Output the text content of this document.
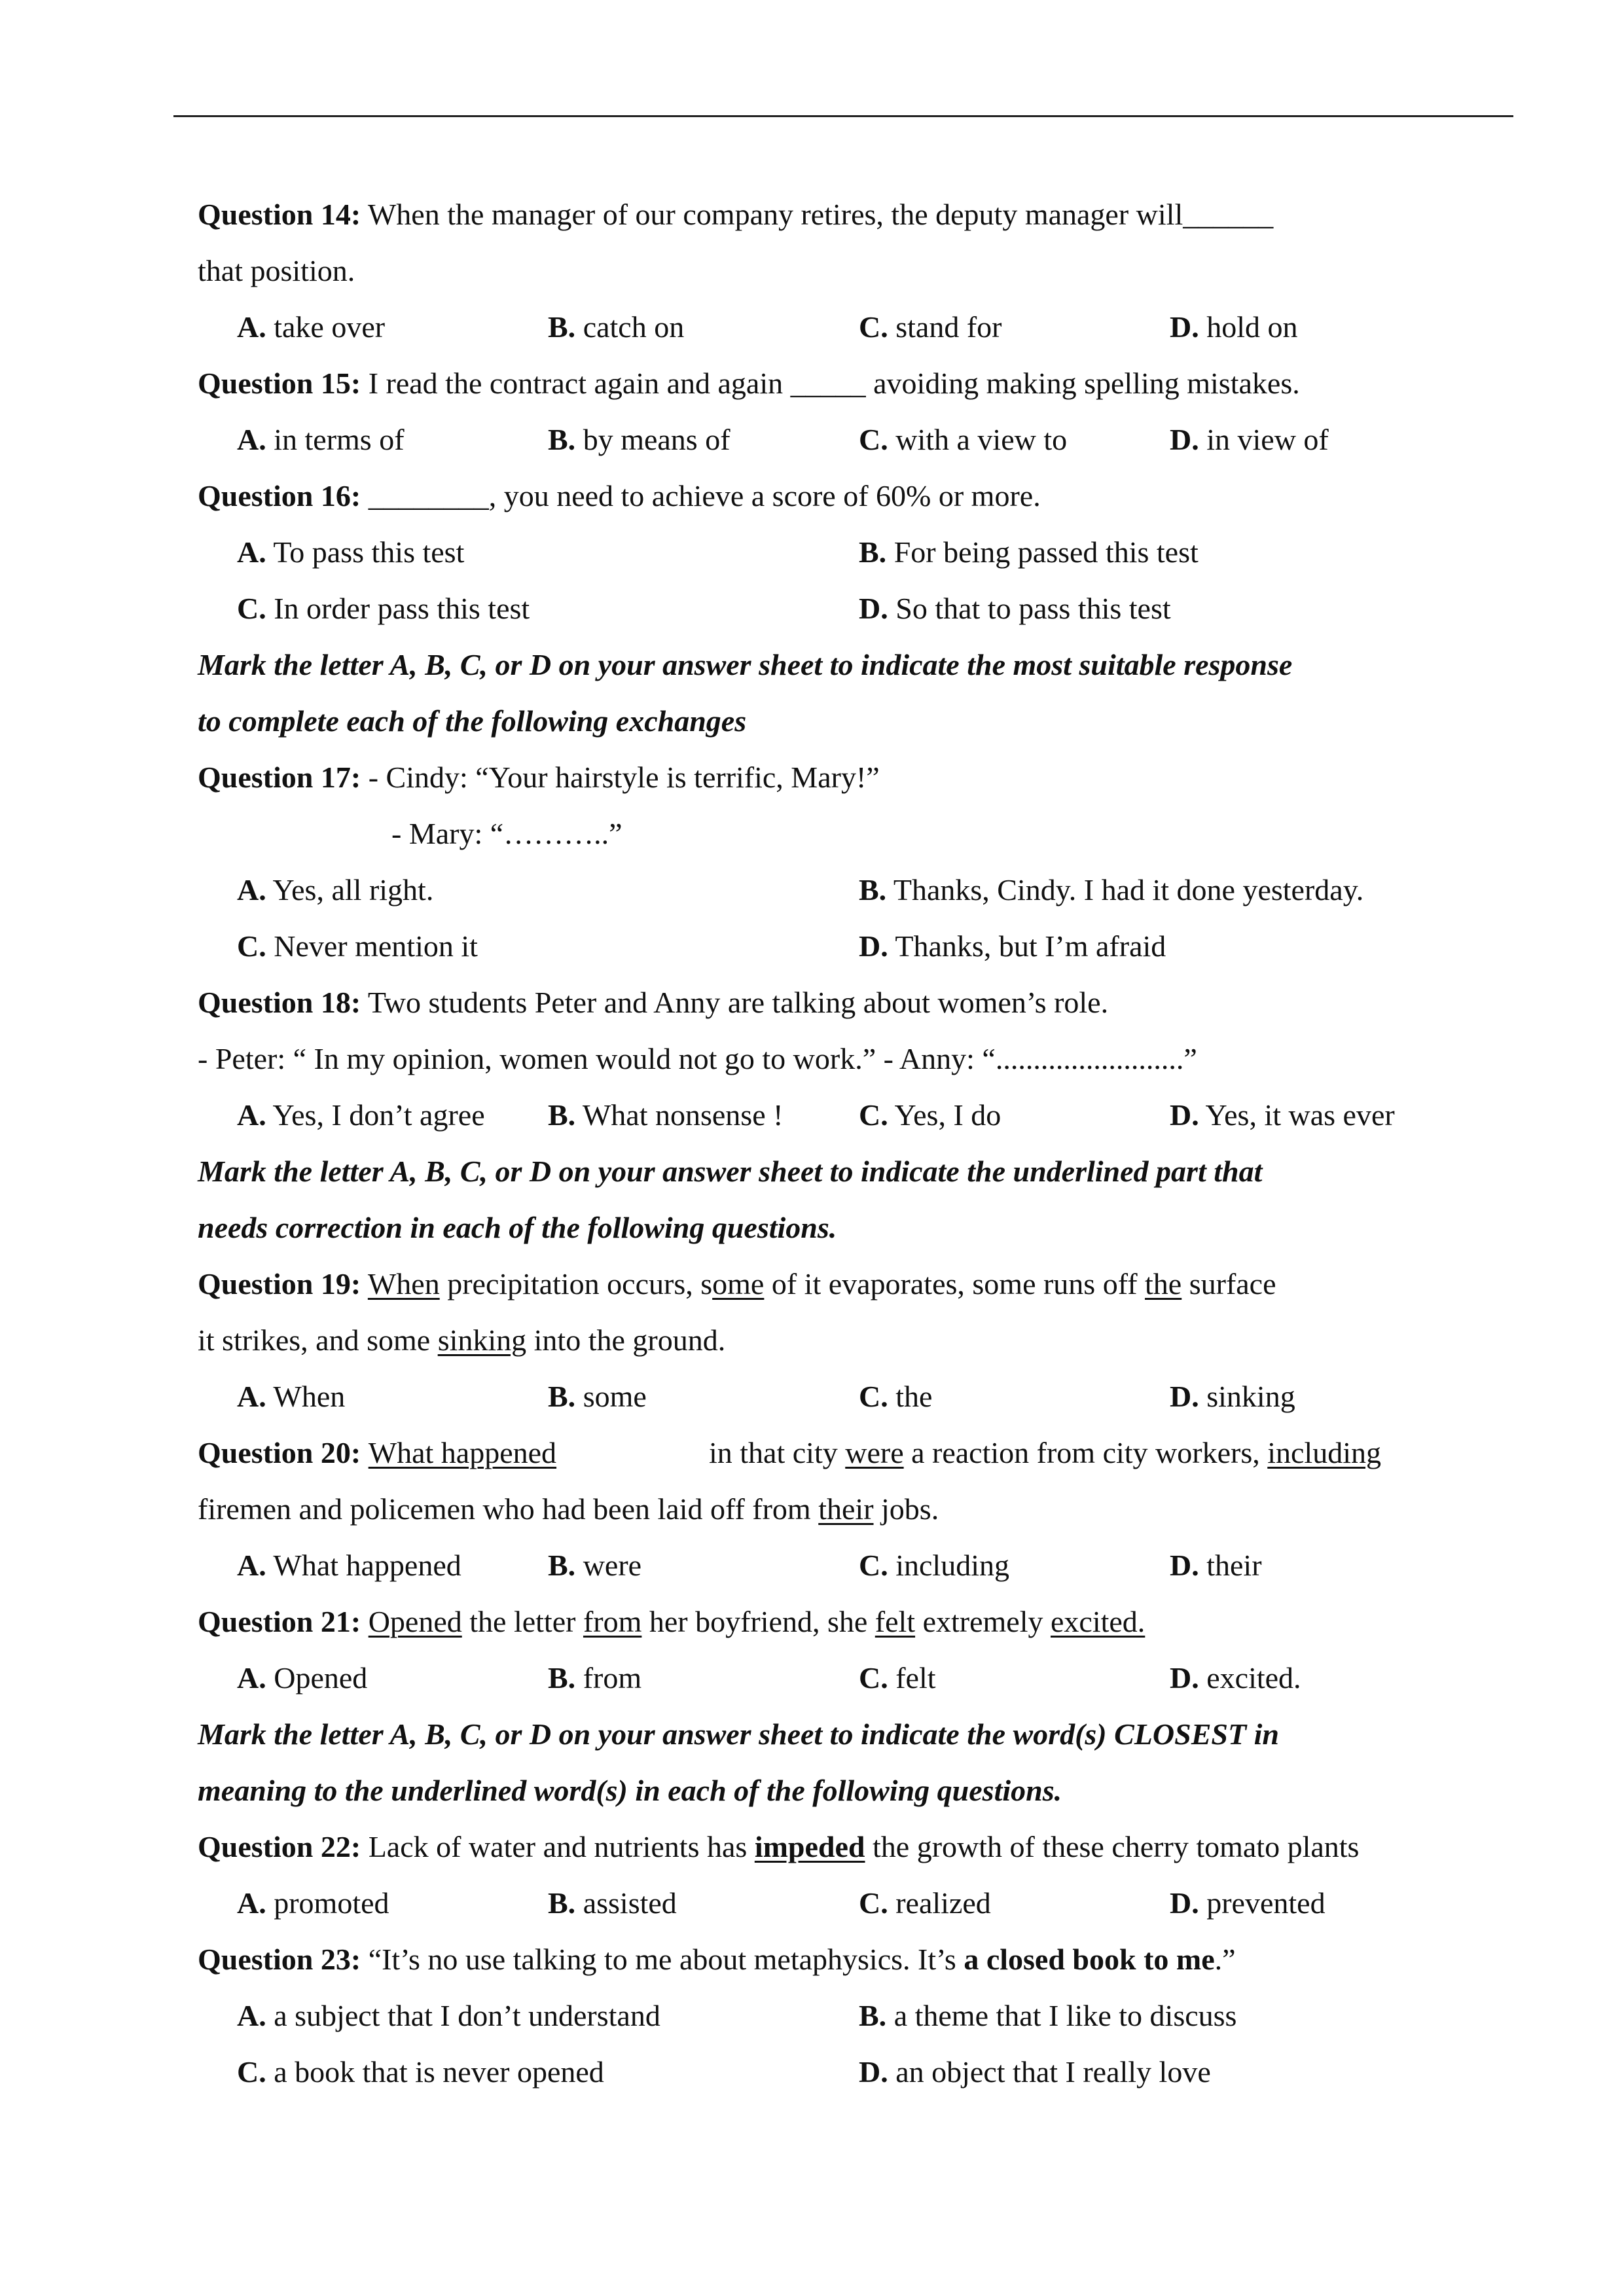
Question 14: When the manager of our company retires, the deputy manager will______
that position.
A. take over	B. catch on	C. stand for	D. hold on
Question 15: I read the contract again and again _____ avoiding making spelling mistakes.
A. in terms of	B. by means of	C. with a view to	D. in view of
Question 16: ________, you need to achieve a score of 60% or more.
A. To pass this test	B. For being passed this test
C. In order pass this test	D. So that to pass this test
Mark the letter A, B, C, or D on your answer sheet to indicate the most suitable response
to complete each of the following exchanges
Question 17: - Cindy: “Your hairstyle is terrific, Mary!”
- Mary: “………..”
A. Yes, all right.	B. Thanks, Cindy. I had it done yesterday.
C. Never mention it	D. Thanks, but I’m afraid
Question 18: Two students Peter and Anny are talking about women’s role.
- Peter: “ In my opinion, women would not go to work.” - Anny: “.........................”
A. Yes, I don’t agree B. What nonsense !	C. Yes, I do	D. Yes, it was ever
Mark the letter A, B, C, or D on your answer sheet to indicate the underlined part that
needs correction in each of the following questions.
Question 19: When precipitation occurs, some of it evaporates, some runs off the surface
it strikes, and some sinking into the ground.
A. When	B. some	C. the	D. sinking
Question 20: What happened	in that city were a reaction from city workers, including
firemen and policemen who had been laid off from their jobs.
A. What happened	B. were	C. including	D. their
Question 21: Opened the letter from her boyfriend, she felt extremely excited.
A. Opened	B. from	C. felt	D. excited.
Mark the letter A, B, C, or D on your answer sheet to indicate the word(s) CLOSEST in
meaning to the underlined word(s) in each of the following questions.
Question 22: Lack of water and nutrients has impeded the growth of these cherry tomato plants
A. promoted	B. assisted	C. realized	D. prevented
Question 23: “It’s no use talking to me about metaphysics. It’s a closed book to me.”
A. a subject that I don’t understand	B. a theme that I like to discuss
C. a book that is never opened	D. an object that I really love
